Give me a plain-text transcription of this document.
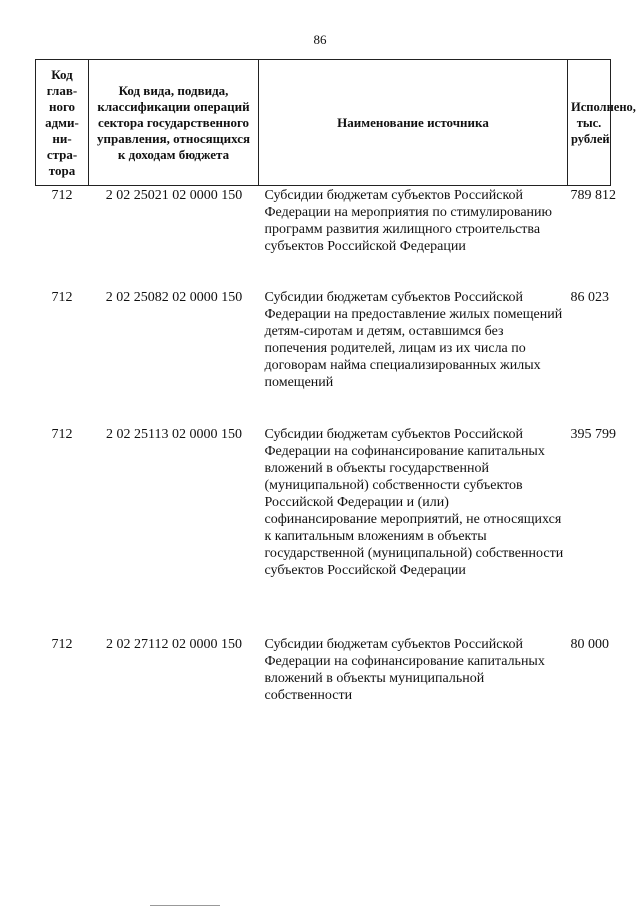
86
Код глав-ного адми-ни-стра-тора	Код вида, подвида, классификации операций сектора государственного управления, относящихся к доходам бюджета	Наименование источника	Исполнено, тыс. рублей
712	2 02 25021 02 0000 150	Субсидии бюджетам субъектов Российской Федерации на мероприятия по стимулированию программ развития жилищного строительства субъектов Российской Федерации	789 812
712	2 02 25082 02 0000 150	Субсидии бюджетам субъектов Российской Федерации на предоставление жилых помещений детям-сиротам и детям, оставшимся без попечения родителей, лицам из их числа по договорам найма специализированных жилых помещений	86 023
712	2 02 25113 02 0000 150	Субсидии бюджетам субъектов Российской Федерации на софинансирование капитальных вложений в объекты государственной (муниципальной) собственности субъектов Российской Федерации и (или) софинансирование мероприятий, не относящихся к капитальным вложениям в объекты государственной (муниципальной) собственности субъектов Российской Федерации	395 799
712	2 02 27112 02 0000 150	Субсидии бюджетам субъектов Российской Федерации на софинансирование капитальных вложений в объекты муниципальной собственности	80 000
